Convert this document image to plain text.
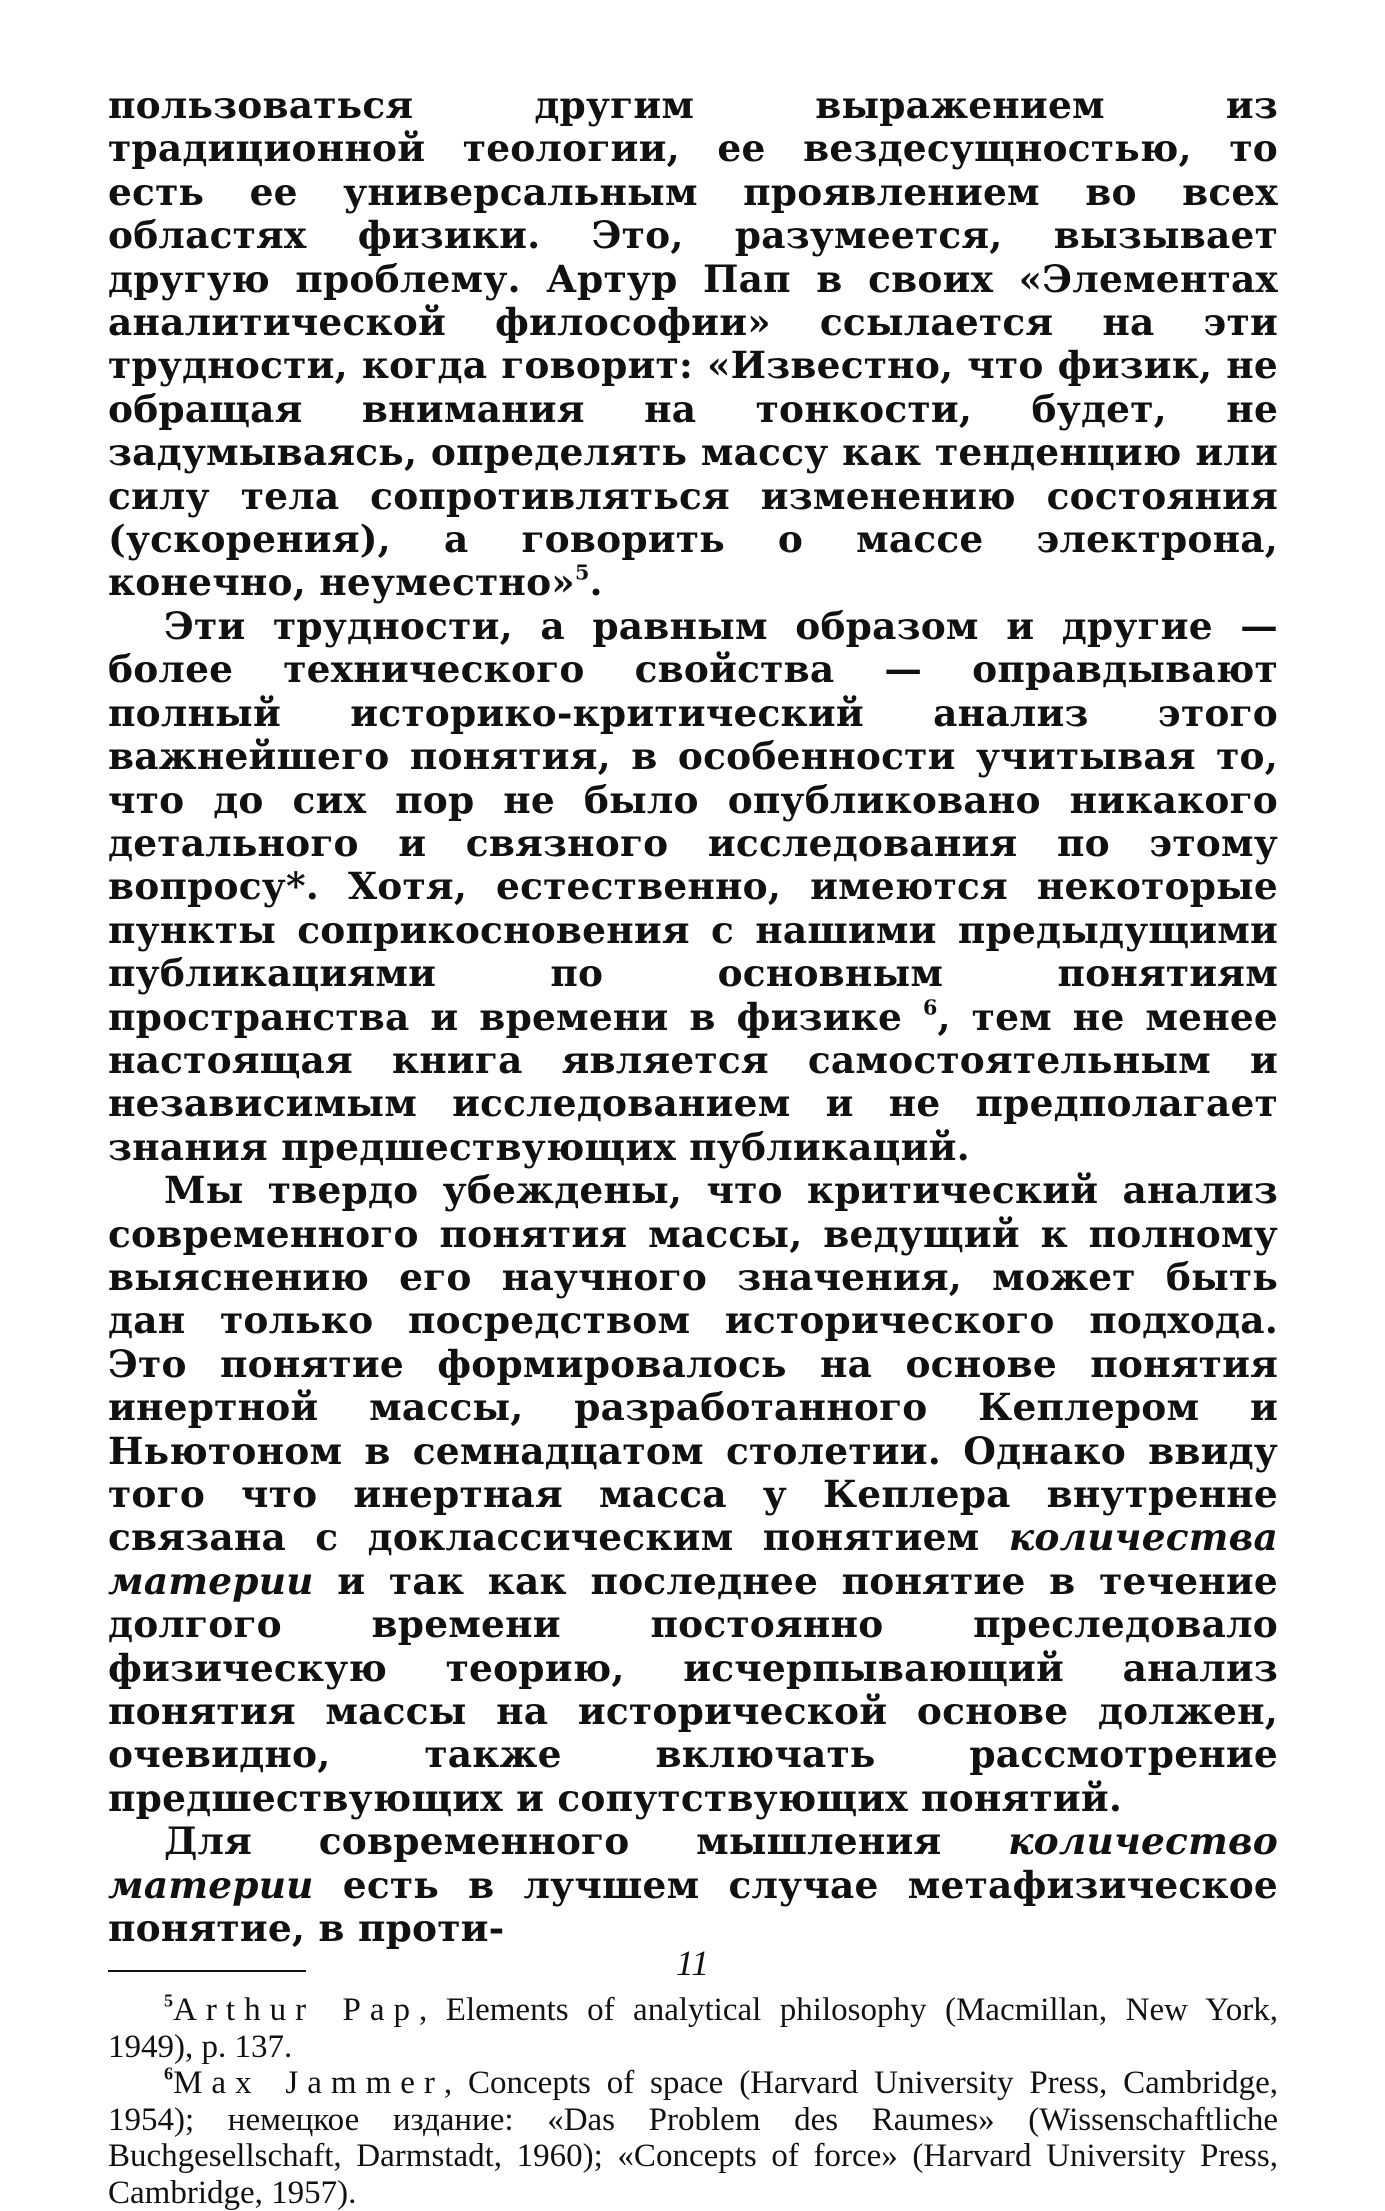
пользоваться другим выражением из традиционной теологии, ее вездесущностью, то есть ее универсальным проявлением во всех областях физики. Это, разумеется, вызывает другую проблему. Артур Пап в своих «Элементах аналитической философии» ссылается на эти трудности, когда говорит: «Известно, что физик, не обращая внимания на тонкости, будет, не задумываясь, определять массу как тенденцию или силу тела сопротивляться изменению состояния (ускорения), а говорить о массе электрона, конечно, неуместно»$^5$.

Эти трудности, а равным образом и другие — более технического свойства — оправдывают полный историко-критический анализ этого важнейшего понятия, в особенности учитывая то, что до сих пор не было опубликовано никакого детального и связного исследования по этому вопросу*. Хотя, естественно, имеются некоторые пункты соприкосновения с нашими предыдущими публикациями по основным понятиям пространства и времени в физике $^6$, тем не менее настоящая книга является самостоятельным и независимым исследованием и не предполагает знания предшествующих публикаций.

Мы твердо убеждены, что критический анализ современного понятия массы, ведущий к полному выяснению его научного значения, может быть дан только посредством исторического подхода. Это понятие формировалось на основе понятия инертной массы, разработанного Кеплером и Ньютоном в семнадцатом столетии. Однако ввиду того что инертная масса у Кеплера внутренне связана с доклассическим понятием количества материи и так как последнее понятие в течение долгого времени постоянно преследовало физическую теорию, исчерпывающий анализ понятия массы на исторической основе должен, очевидно, также включать рассмотрение предшествующих и сопутствующих понятий.

Для современного мышления количество материи есть в лучшем случае метафизическое понятие, в проти-

$^5$Arthur Pap, Elements of analytical philosophy (Macmillan, New York, 1949), p. 137.

$^6$Max Jammer, Concepts of space (Harvard University Press, Cambridge, 1954); немецкое издание: «Das Problem des Raumes» (Wissenschaftliche Buchgesellschaft, Darmstadt, 1960); «Concepts of force» (Harvard University Press, Cambridge, 1957).

11
